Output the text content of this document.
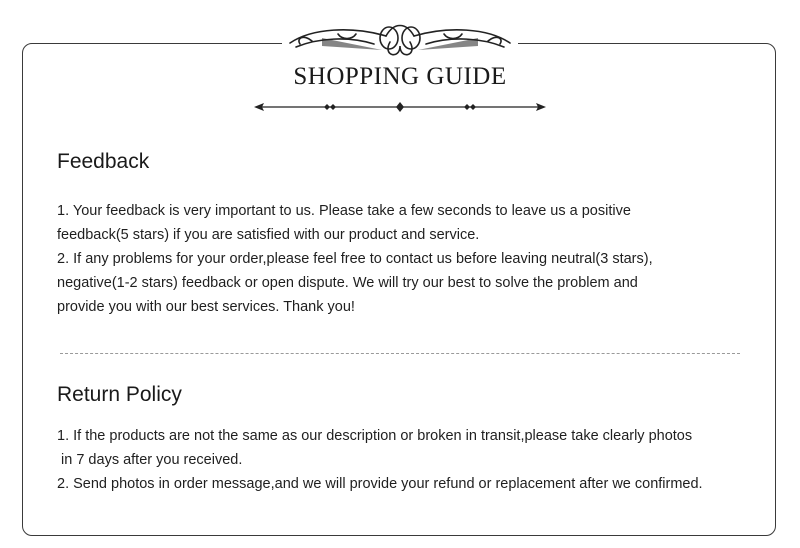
SHOPPING GUIDE
Feedback

1. Your feedback is very important to us. Please take a few seconds to leave us a positive
feedback(5 stars) if you are satisfied with our product and service.
2. If any problems for your order,please feel free to contact us before leaving neutral(3 stars),
negative(1-2 stars) feedback or open dispute. We will try our best to solve the problem and
provide you with our best services. Thank you!

Return Policy

1. If the products are not the same as our description or broken in transit,please take clearly photos
in 7 days after you received.
2. Send photos in order message,and we will provide your refund or replacement after we confirmed.
